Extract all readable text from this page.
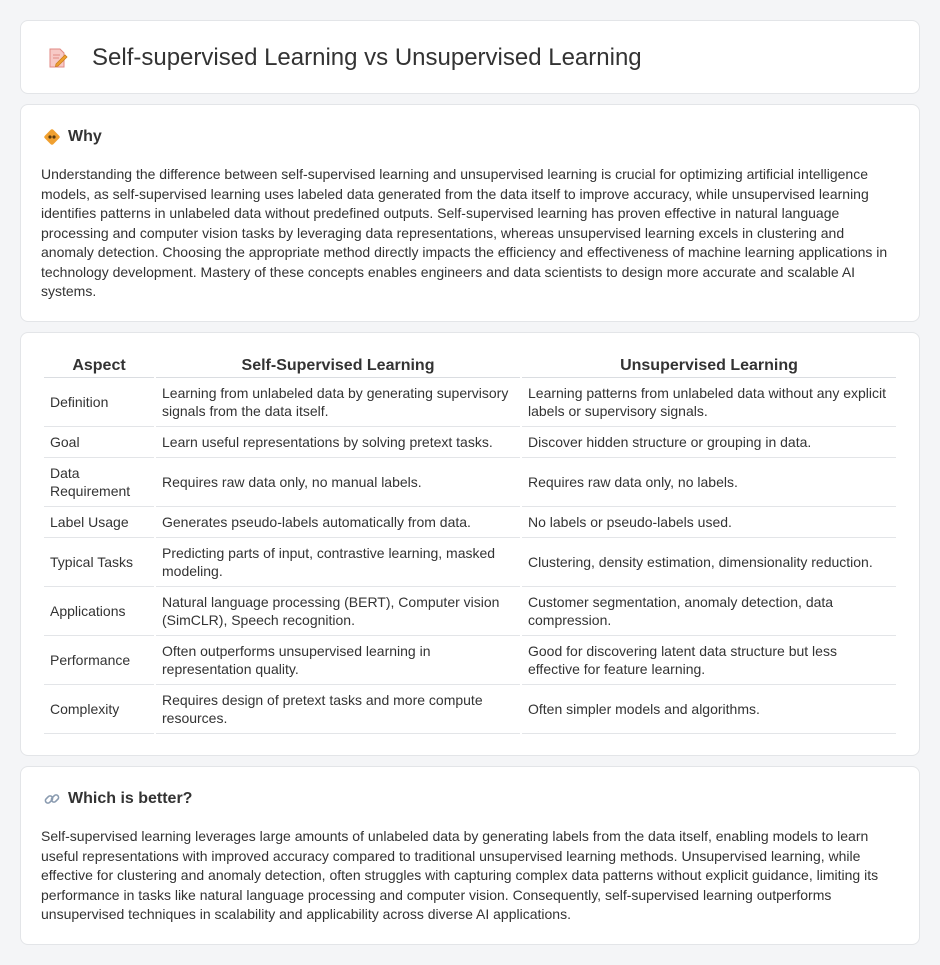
Self-supervised Learning vs Unsupervised Learning
Why

Understanding the difference between self-supervised learning and unsupervised learning is crucial for optimizing artificial intelligence models, as self-supervised learning uses labeled data generated from the data itself to improve accuracy, while unsupervised learning identifies patterns in unlabeled data without predefined outputs. Self-supervised learning has proven effective in natural language processing and computer vision tasks by leveraging data representations, whereas unsupervised learning excels in clustering and anomaly detection. Choosing the appropriate method directly impacts the efficiency and effectiveness of machine learning applications in technology development. Mastery of these concepts enables engineers and data scientists to design more accurate and scalable AI systems.

Aspect	Self-Supervised Learning	Unsupervised Learning
Definition	Learning from unlabeled data by generating supervisory signals from the data itself.	Learning patterns from unlabeled data without any explicit labels or supervisory signals.
Goal	Learn useful representations by solving pretext tasks.	Discover hidden structure or grouping in data.
Data Requirement	Requires raw data only, no manual labels.	Requires raw data only, no labels.
Label Usage	Generates pseudo-labels automatically from data.	No labels or pseudo-labels used.
Typical Tasks	Predicting parts of input, contrastive learning, masked modeling.	Clustering, density estimation, dimensionality reduction.
Applications	Natural language processing (BERT), Computer vision (SimCLR), Speech recognition.	Customer segmentation, anomaly detection, data compression.
Performance	Often outperforms unsupervised learning in representation quality.	Good for discovering latent data structure but less effective for feature learning.
Complexity	Requires design of pretext tasks and more compute resources.	Often simpler models and algorithms.
Which is better?

Self-supervised learning leverages large amounts of unlabeled data by generating labels from the data itself, enabling models to learn useful representations with improved accuracy compared to traditional unsupervised learning methods. Unsupervised learning, while effective for clustering and anomaly detection, often struggles with capturing complex data patterns without explicit guidance, limiting its performance in tasks like natural language processing and computer vision. Consequently, self-supervised learning outperforms unsupervised techniques in scalability and applicability across diverse AI applications.
